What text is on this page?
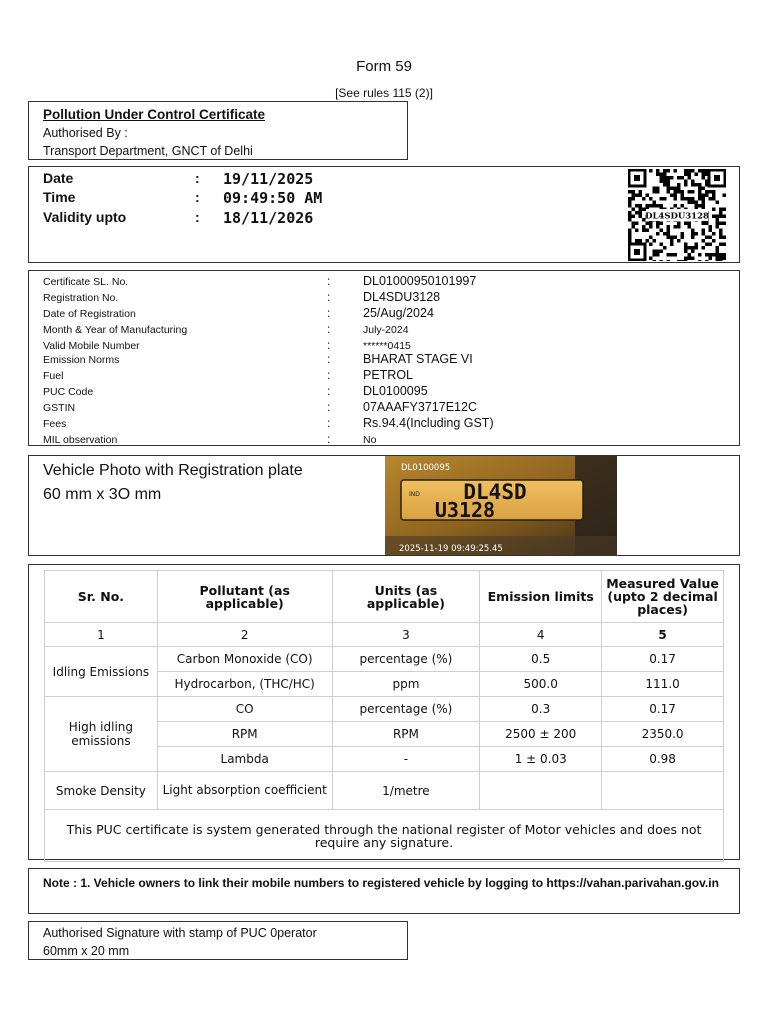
Form 59
[See rules 115 (2)]
Pollution Under Control Certificate
Authorised By :
Transport Department, GNCT of Delhi
Date	: 19/11/2025
Time	: 09:49:50 AM
Validity upto	: 18/11/2026	DL4SDU3128
Certificate SL. No.	:	DL01000950101997
Registration No.	:	DL4SDU3128
Date of Registration	:	25/Aug/2024
Month & Year of Manufacturing	:	July-2024
Valid Mobile Number	:	******0415
Emission Norms	:	BHARAT STAGE VI
Fuel	:	PETROL
PUC Code	:	DL0100095
GSTIN	:	07AAAFY3717E12C
Fees	:	Rs.94.4(Including GST)
MIL observation	:	No
Vehicle Photo with Registration plate
60 mm x 3O mm	IND DL4SD
U3128
DL0100095
2025-11-19 09:49:25.45
Sr. No.	Pollutant (as applicable)	Units (as applicable)	Emission limits	Measured Value (upto 2 decimal places)
1	2	3	4	5
Idling Emissions	Carbon Monoxide (CO)	percentage (%)	0.5	0.17
	Hydrocarbon, (THC/HC)	ppm	500.0	111.0
High idling emissions	CO	percentage (%)	0.3	0.17
	RPM	RPM	2500 ± 200	2350.0
	Lambda	-	1 ± 0.03	0.98
Smoke Density	Light absorption coefficient	1/metre		
This PUC certificate is system generated through the national register of Motor vehicles and does not require any signature.				
Note : 1. Vehicle owners to link their mobile numbers to registered vehicle by logging to https://vahan.parivahan.gov.in
Authorised Signature with stamp of PUC 0perator
60mm x 20 mm
